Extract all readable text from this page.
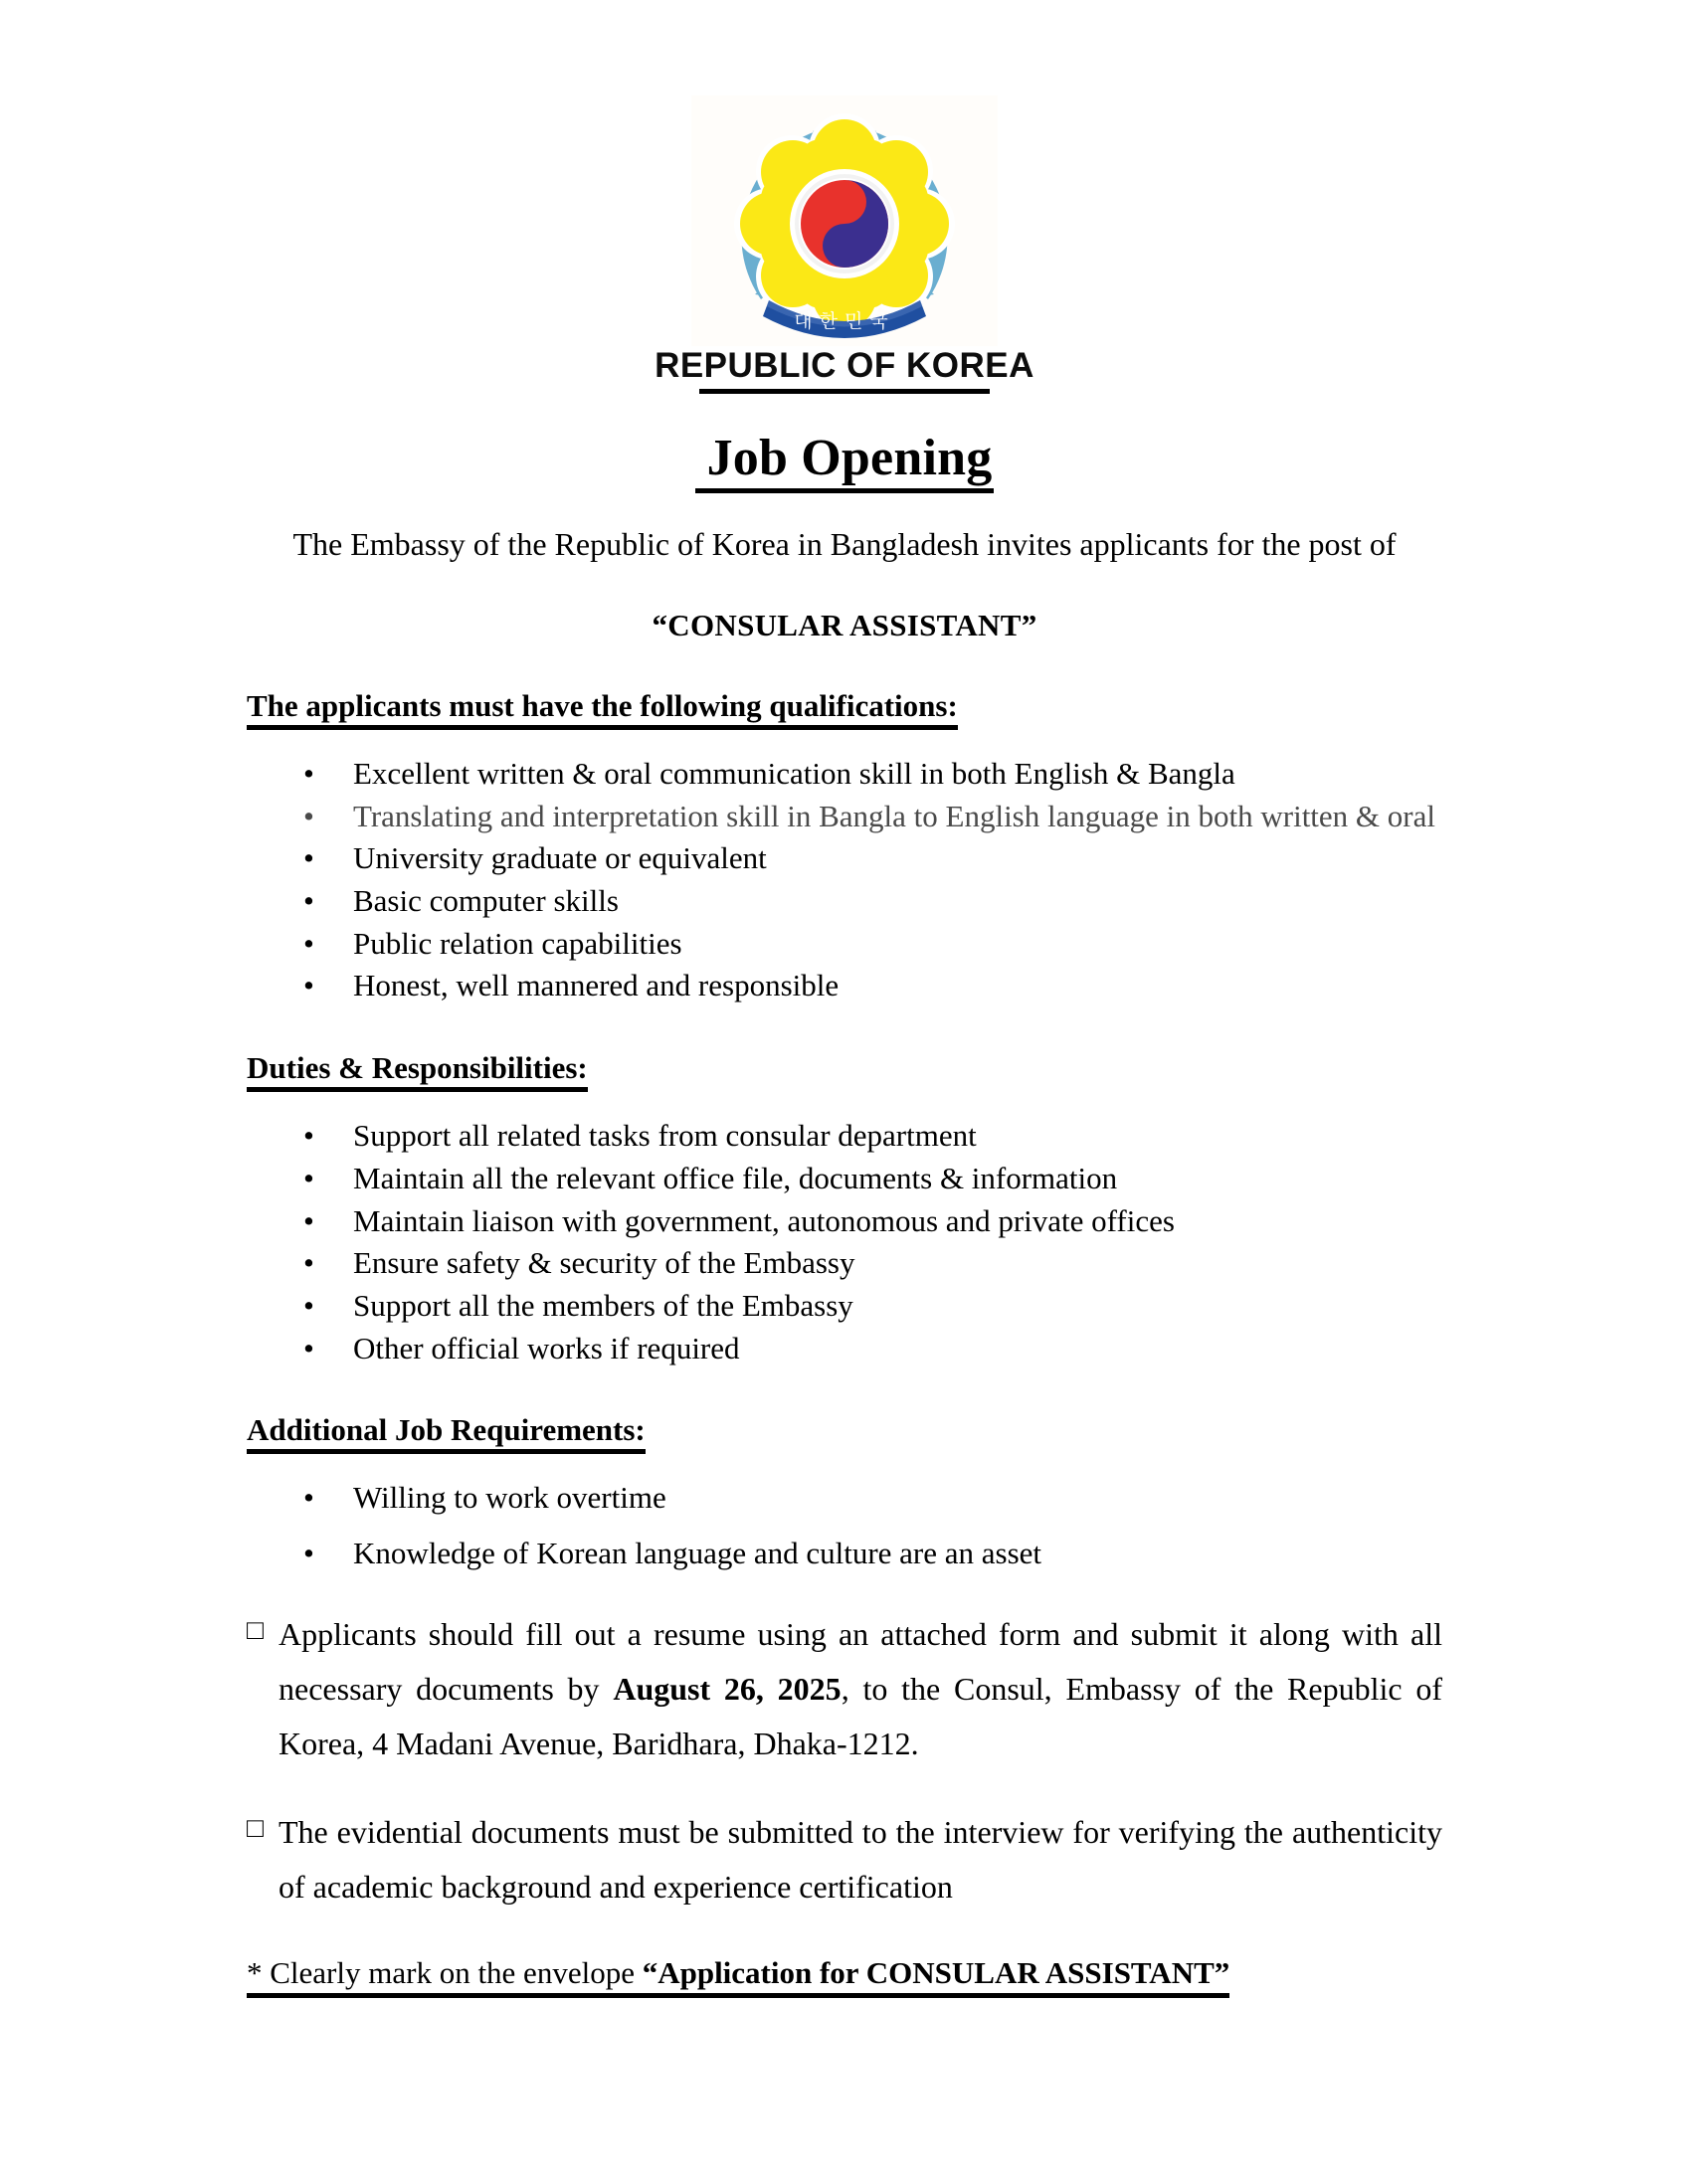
대한민국
REPUBLIC OF KOREA
Job Opening
The Embassy of the Republic of Korea in Bangladesh invites applicants for the post of
“CONSULAR ASSISTANT”
The applicants must have the following qualifications:
• Excellent written & oral communication skill in both English & Bangla
• Translating and interpretation skill in Bangla to English language in both written & oral
• University graduate or equivalent
• Basic computer skills
• Public relation capabilities
• Honest, well mannered and responsible
Duties & Responsibilities:
• Support all related tasks from consular department
• Maintain all the relevant office file, documents & information
• Maintain liaison with government, autonomous and private offices
• Ensure safety & security of the Embassy
• Support all the members of the Embassy
• Other official works if required
Additional Job Requirements:
• Willing to work overtime
• Knowledge of Korean language and culture are an asset
□ Applicants should fill out a resume using an attached form and submit it along with all necessary documents by August 26, 2025, to the Consul, Embassy of the Republic of Korea, 4 Madani Avenue, Baridhara, Dhaka-1212.
□ The evidential documents must be submitted to the interview for verifying the authenticity of academic background and experience certification
* Clearly mark on the envelope “Application for CONSULAR ASSISTANT”
